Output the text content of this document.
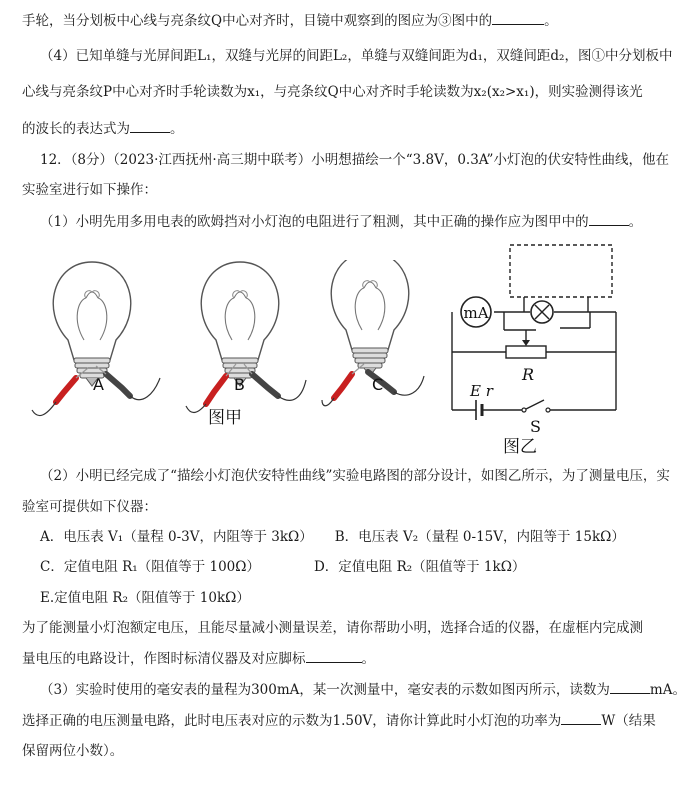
手轮，当分划板中心线与亮条纹Q中心对齐时，目镜中观察到的图应为③图中的	。
（4）已知单缝与光屏间距L₁，双缝与光屏的间距L₂，单缝与双缝间距为d₁，双缝间距d₂，图①中分划板中
心线与亮条纹P中心对齐时手轮读数为x₁，与亮条纹Q中心对齐时手轮读数为x₂(x₂>x₁)，则实验测得该光
的波长的表达式为	。
12．（8分）（2023·江西抚州·高三期中联考）小明想描绘一个“3.8V，0.3A”小灯泡的伏安特性曲线，他在
实验室进行如下操作：
（1）小明先用多用电表的欧姆挡对小灯泡的电阻进行了粗测，其中正确的操作应为图甲中的	。
A	B	C
图甲
mA
R
E r
S
图乙
（2）小明已经完成了“描绘小灯泡伏安特性曲线”实验电路图的部分设计，如图乙所示，为了测量电压，实
验室可提供如下仪器：
A．电压表 V₁（量程 0-3V，内阻等于 3kΩ） B．电压表 V₂（量程 0-15V，内阻等于 15kΩ）
C．定值电阻 R₁（阻值等于 100Ω）	D．定值电阻 R₂（阻值等于 1kΩ）
E.定值电阻 R₂（阻值等于 10kΩ）
为了能测量小灯泡额定电压，且能尽量减小测量误差，请你帮助小明，选择合适的仪器，在虚框内完成测
量电压的电路设计，作图时标清仪器及对应脚标	。
（3）实验时使用的毫安表的量程为300mA，某一次测量中，毫安表的示数如图丙所示，读数为	mA。
选择正确的电压测量电路，此时电压表对应的示数为1.50V，请你计算此时小灯泡的功率为	W（结果
保留两位小数）。
